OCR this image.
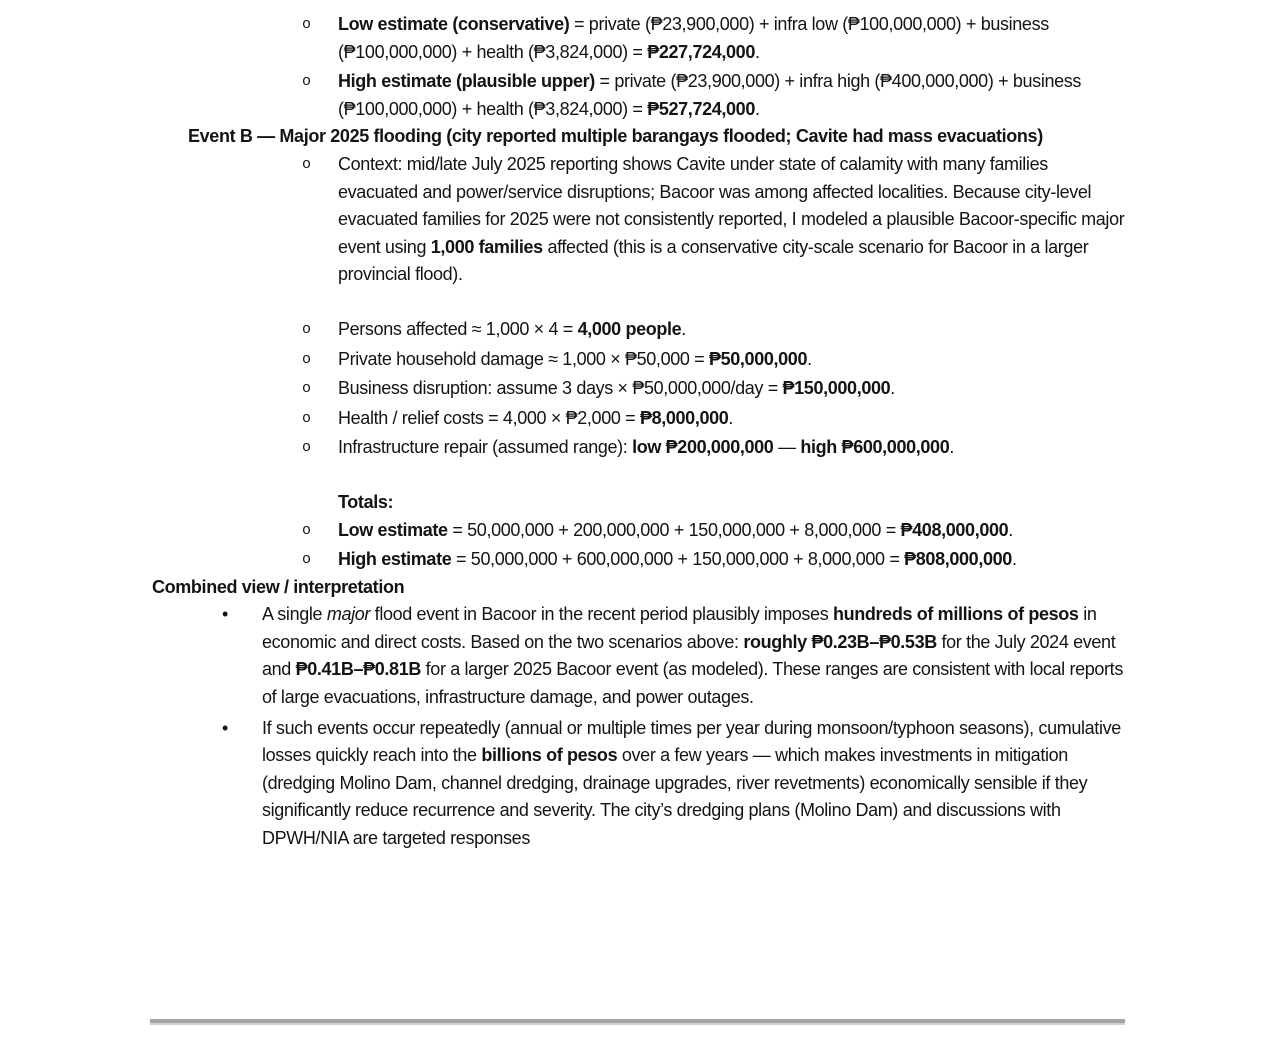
o Low estimate (conservative) = private (₱23,900,000) + infra low (₱100,000,000) + business (₱100,000,000) + health (₱3,824,000) = ₱227,724,000.

o High estimate (plausible upper) = private (₱23,900,000) + infra high (₱400,000,000) + business (₱100,000,000) + health (₱3,824,000) = ₱527,724,000.

Event B — Major 2025 flooding (city reported multiple barangays flooded; Cavite had mass evacuations)

o Context: mid/late July 2025 reporting shows Cavite under state of calamity with many families evacuated and power/service disruptions; Bacoor was among affected localities. Because city-level evacuated families for 2025 were not consistently reported, I modeled a plausible Bacoor-specific major event using 1,000 families affected (this is a conservative city-scale scenario for Bacoor in a larger provincial flood).

o Persons affected ≈ 1,000 × 4 = 4,000 people.

o Private household damage ≈ 1,000 × ₱50,000 = ₱50,000,000.

o Business disruption: assume 3 days × ₱50,000,000/day = ₱150,000,000.

o Health / relief costs = 4,000 × ₱2,000 = ₱8,000,000.

o Infrastructure repair (assumed range): low ₱200,000,000 — high ₱600,000,000.

Totals:

o Low estimate = 50,000,000 + 200,000,000 + 150,000,000 + 8,000,000 = ₱408,000,000.

o High estimate = 50,000,000 + 600,000,000 + 150,000,000 + 8,000,000 = ₱808,000,000.

Combined view / interpretation

• A single major flood event in Bacoor in the recent period plausibly imposes hundreds of millions of pesos in economic and direct costs. Based on the two scenarios above: roughly ₱0.23B–₱0.53B for the July 2024 event and ₱0.41B–₱0.81B for a larger 2025 Bacoor event (as modeled). These ranges are consistent with local reports of large evacuations, infrastructure damage, and power outages.

• If such events occur repeatedly (annual or multiple times per year during monsoon/typhoon seasons), cumulative losses quickly reach into the billions of pesos over a few years — which makes investments in mitigation (dredging Molino Dam, channel dredging, drainage upgrades, river revetments) economically sensible if they significantly reduce recurrence and severity. The city’s dredging plans (Molino Dam) and discussions with DPWH/NIA are targeted responses
